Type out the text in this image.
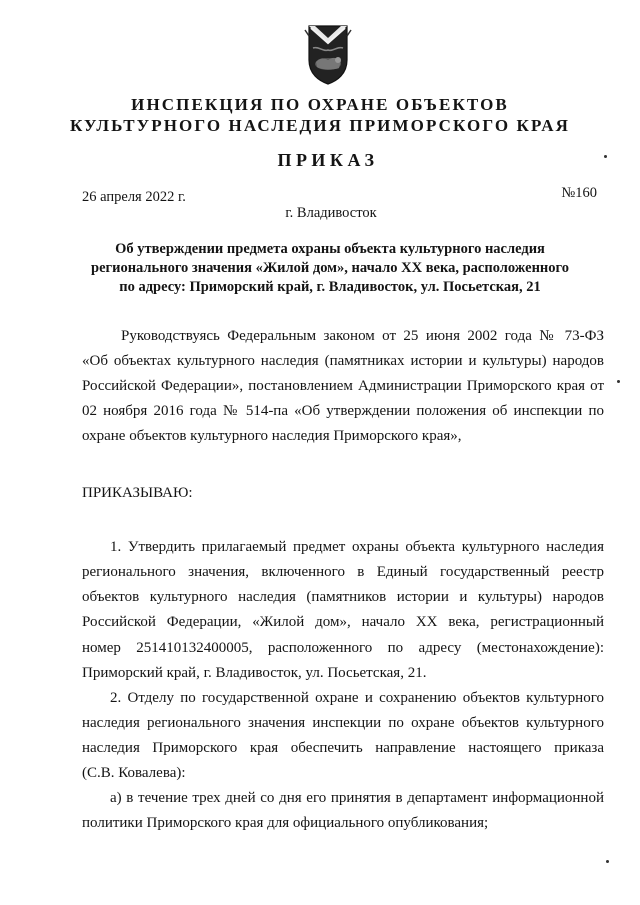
ИНСПЕКЦИЯ ПО ОХРАНЕ ОБЪЕКТОВ
КУЛЬТУРНОГО НАСЛЕДИЯ ПРИМОРСКОГО КРАЯ
ПРИКАЗ
26 апреля 2022 г.	№160
г. Владивосток
Об утверждении предмета охраны объекта культурного наследия
регионального значения «Жилой дом», начало XX века, расположенного
по адресу: Приморский край, г. Владивосток, ул. Посьетская, 21
Руководствуясь Федеральным законом от 25 июня 2002 года № 73-ФЗ
«Об объектах культурного наследия (памятниках истории и культуры) народов
Российской Федерации», постановлением Администрации Приморского края от
02 ноября 2016 года № 514-па «Об утверждении положения об инспекции по
охране объектов культурного наследия Приморского края»,
ПРИКАЗЫВАЮ:
1. Утвердить прилагаемый предмет охраны объекта культурного наследия
регионального значения, включенного в Единый государственный реестр
объектов культурного наследия (памятников истории и культуры) народов
Российской Федерации, «Жилой дом», начало XX века, регистрационный
номер 251410132400005, расположенного по адресу (местонахождение):
Приморский край, г. Владивосток, ул. Посьетская, 21.
2. Отделу по государственной охране и сохранению объектов культурного
наследия регионального значения инспекции по охране объектов культурного
наследия Приморского края обеспечить направление настоящего приказа
(С.В. Ковалева):
а) в течение трех дней со дня его принятия в департамент информационной
политики Приморского края для официального опубликования;
